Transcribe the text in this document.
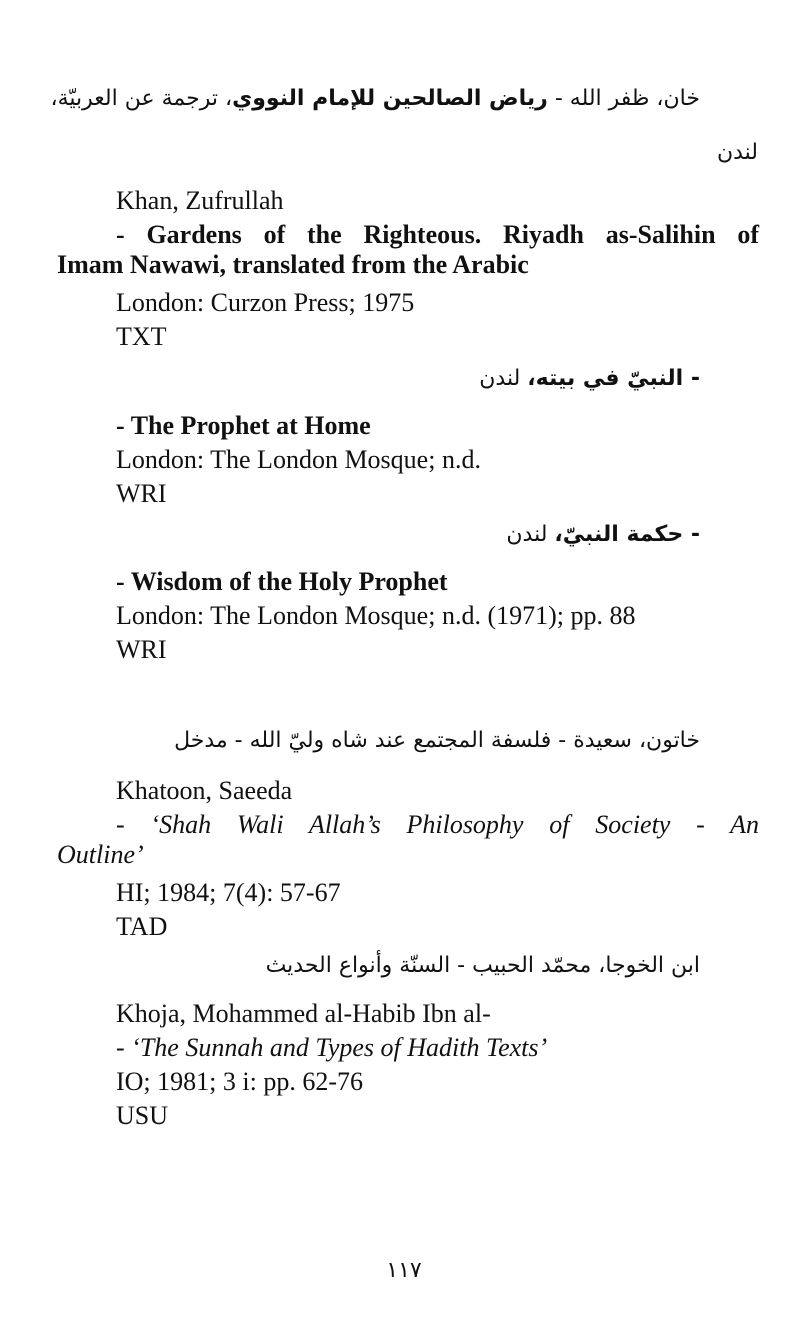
خان، ظفر الله - رياض الصالحين للإمام النووي، ترجمة عن العربيّة،
لندن
Khan, Zufrullah
- Gardens of the Righteous. Riyadh as-Salihin of
Imam Nawawi, translated from the Arabic
London: Curzon Press; 1975
TXT
- النبيّ في بيته، لندن
- The Prophet at Home
London: The London Mosque; n.d.
WRI
- حكمة النبيّ، لندن
- Wisdom of the Holy Prophet
London: The London Mosque; n.d. (1971); pp. 88
WRI
خاتون، سعيدة - فلسفة المجتمع عند شاه وليّ الله - مدخل
Khatoon, Saeeda
- ‘Shah Wali Allah’s Philosophy of Society - An
Outline’
HI; 1984; 7(4): 57-67
TAD
ابن الخوجا، محمّد الحبيب - السنّة وأنواع الحديث
Khoja, Mohammed al-Habib Ibn al-
- ‘The Sunnah and Types of Hadith Texts’
IO; 1981; 3 i: pp. 62-76
USU
١١٧
